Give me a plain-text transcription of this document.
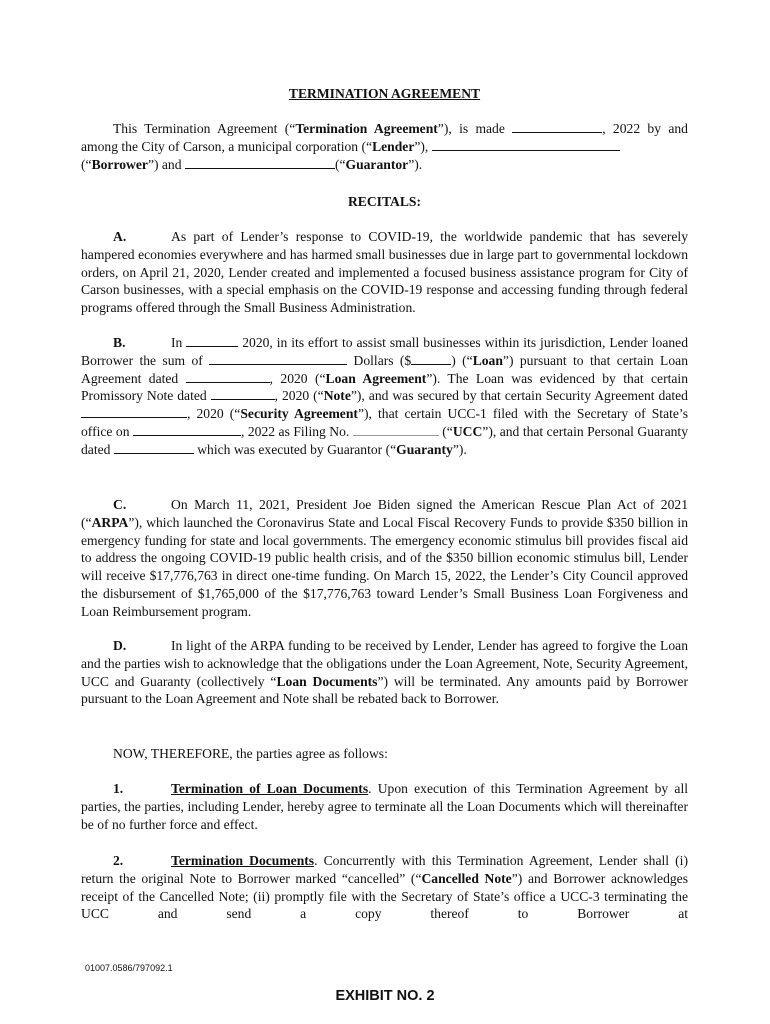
TERMINATION AGREEMENT
This Termination Agreement (“Termination Agreement”), is made	, 2022 by and among the City of Carson, a municipal corporation (“Lender”),
(“Borrower”) and	(“Guarantor”).
RECITALS:
A.	As part of Lender’s response to COVID-19, the worldwide pandemic that has severely hampered economies everywhere and has harmed small businesses due in large part to governmental lockdown orders, on April 21, 2020, Lender created and implemented a focused business assistance program for City of Carson businesses, with a special emphasis on the COVID-19 response and accessing funding through federal programs offered through the Small Business Administration.
B.	In	2020, in its effort to assist small businesses within its jurisdiction, Lender loaned Borrower the sum of	Dollars ($	) (“Loan”) pursuant to that certain Loan Agreement dated	, 2020 (“Loan Agreement”). The Loan was evidenced by that certain Promissory Note dated	, 2020 (“Note”), and was secured by that certain Security Agreement dated , 2020 (“Security Agreement”), that certain UCC-1 filed with the Secretary of State’s office on	, 2022 as Filing No.	(“UCC”), and that certain Personal Guaranty dated	which was executed by Guarantor (“Guaranty”).
C.	On March 11, 2021, President Joe Biden signed the American Rescue Plan Act of 2021 (“ARPA”), which launched the Coronavirus State and Local Fiscal Recovery Funds to provide $350 billion in emergency funding for state and local governments. The emergency economic stimulus bill provides fiscal aid to address the ongoing COVID-19 public health crisis, and of the $350 billion economic stimulus bill, Lender will receive $17,776,763 in direct one-time funding. On March 15, 2022, the Lender’s City Council approved the disbursement of $1,765,000 of the $17,776,763 toward Lender’s Small Business Loan Forgiveness and Loan Reimbursement program.
D.	In light of the ARPA funding to be received by Lender, Lender has agreed to forgive the Loan and the parties wish to acknowledge that the obligations under the Loan Agreement, Note, Security Agreement, UCC and Guaranty (collectively “Loan Documents”) will be terminated. Any amounts paid by Borrower pursuant to the Loan Agreement and Note shall be rebated back to Borrower.
NOW, THEREFORE, the parties agree as follows:
1.	Termination of Loan Documents. Upon execution of this Termination Agreement by all parties, the parties, including Lender, hereby agree to terminate all the Loan Documents which will thereinafter be of no further force and effect.
2.	Termination Documents. Concurrently with this Termination Agreement, Lender shall (i) return the original Note to Borrower marked “cancelled” (“Cancelled Note”) and Borrower acknowledges receipt of the Cancelled Note; (ii) promptly file with the Secretary of State’s office a UCC-3 terminating the UCC and send a copy thereof to Borrower at
01007.0586/797092.1
EXHIBIT NO. 2
